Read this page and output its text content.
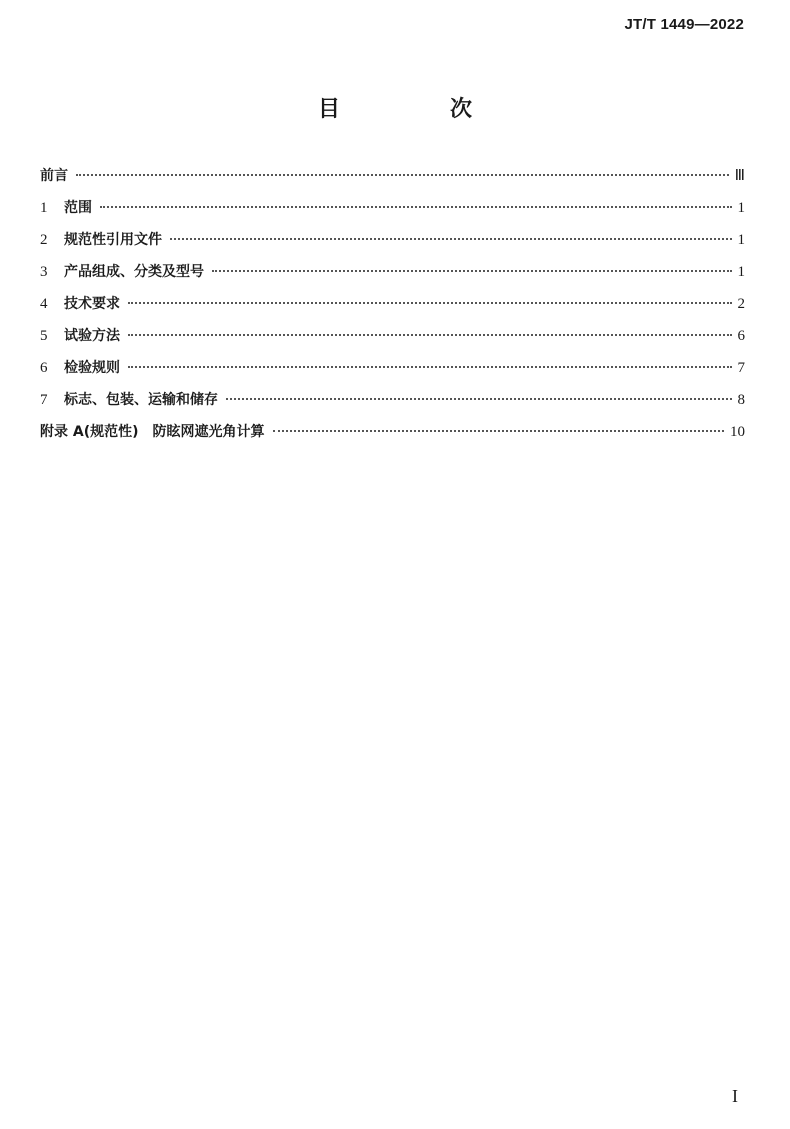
JT/T 1449—2022
目　次
前言	Ⅲ
1	范围	1
2	规范性引用文件	1
3	产品组成、分类及型号	1
4	技术要求	2
5	试验方法	6
6	检验规则	7
7	标志、包装、运输和储存	8
附录 A(规范性)　防眩网遮光角计算	10
I
